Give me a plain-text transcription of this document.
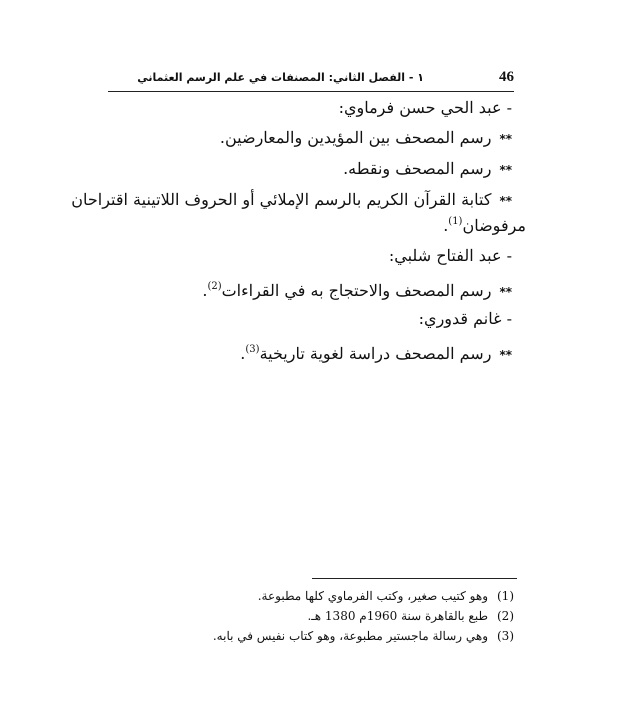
46
١ - الفصل الثاني: المصنفات في علم الرسم العثماني
- عبد الحي حسن فرماوي:
**رسم المصحف بين المؤيدين والمعارضين.
**رسم المصحف ونقطه.
**كتابة القرآن الكريم بالرسم الإملائي أو الحروف اللاتينية اقتراحان
مرفوضان$^{(1)}$.
- عبد الفتاح شلبي:
**رسم المصحف والاحتجاج به في القراءات$^{(2)}$.
- غانم قدوري:
**رسم المصحف دراسة لغوية تاريخية$^{(3)}$.
(1)وهو كتيب صغير، وكتب الفرماوي كلها مطبوعة.
(2)طبع بالقاهرة سنة 1960م 1380 هـ.
(3)وهي رسالة ماجستير مطبوعة، وهو كتاب نفيس في بابه.
